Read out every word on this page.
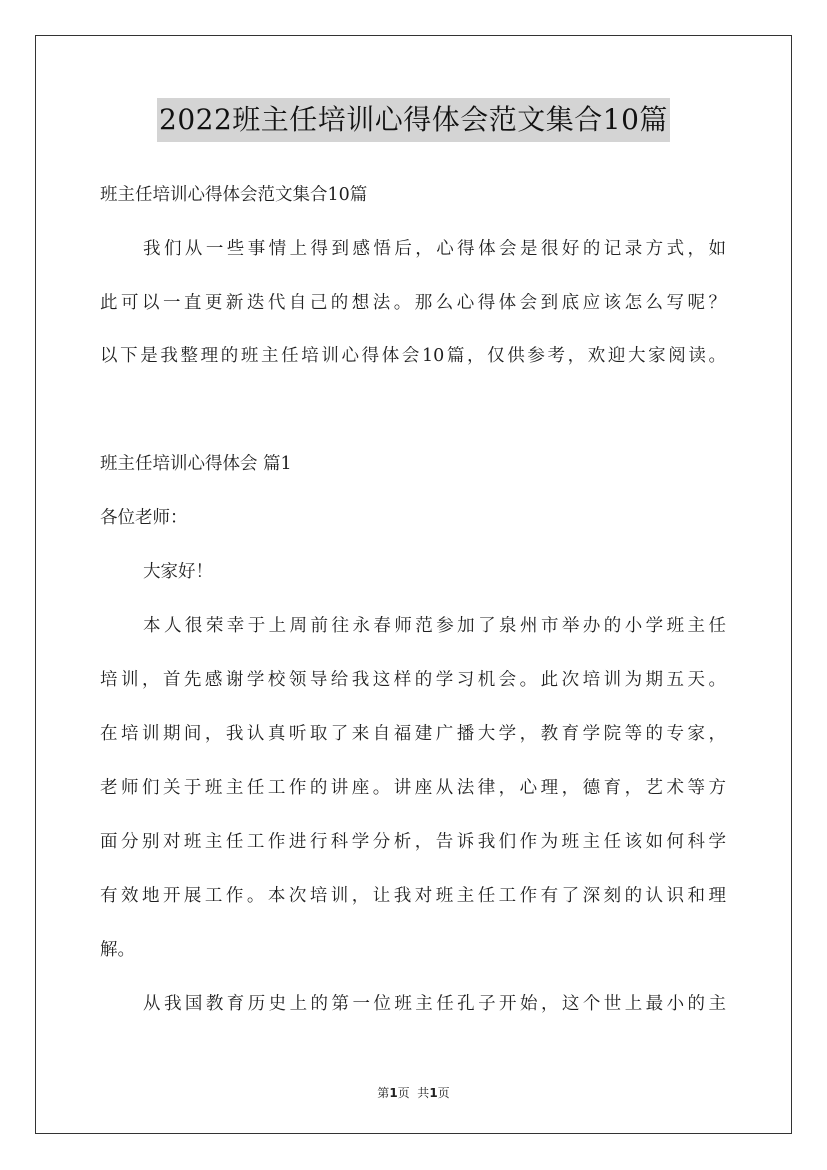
2022班主任培训心得体会范文集合10篇
班主任培训心得体会范文集合10篇
我们从一些事情上得到感悟后，心得体会是很好的记录方式，如
此可以一直更新迭代自己的想法。那么心得体会到底应该怎么写呢？
以下是我整理的班主任培训心得体会10篇，仅供参考，欢迎大家阅读。
班主任培训心得体会 篇1
各位老师：
大家好！
本人很荣幸于上周前往永春师范参加了泉州市举办的小学班主任
培训，首先感谢学校领导给我这样的学习机会。此次培训为期五天。
在培训期间，我认真听取了来自福建广播大学，教育学院等的专家，
老师们关于班主任工作的讲座。讲座从法律，心理，德育，艺术等方
面分别对班主任工作进行科学分析，告诉我们作为班主任该如何科学
有效地开展工作。本次培训，让我对班主任工作有了深刻的认识和理
解。
从我国教育历史上的第一位班主任孔子开始，这个世上最小的主
第1页  共1页
